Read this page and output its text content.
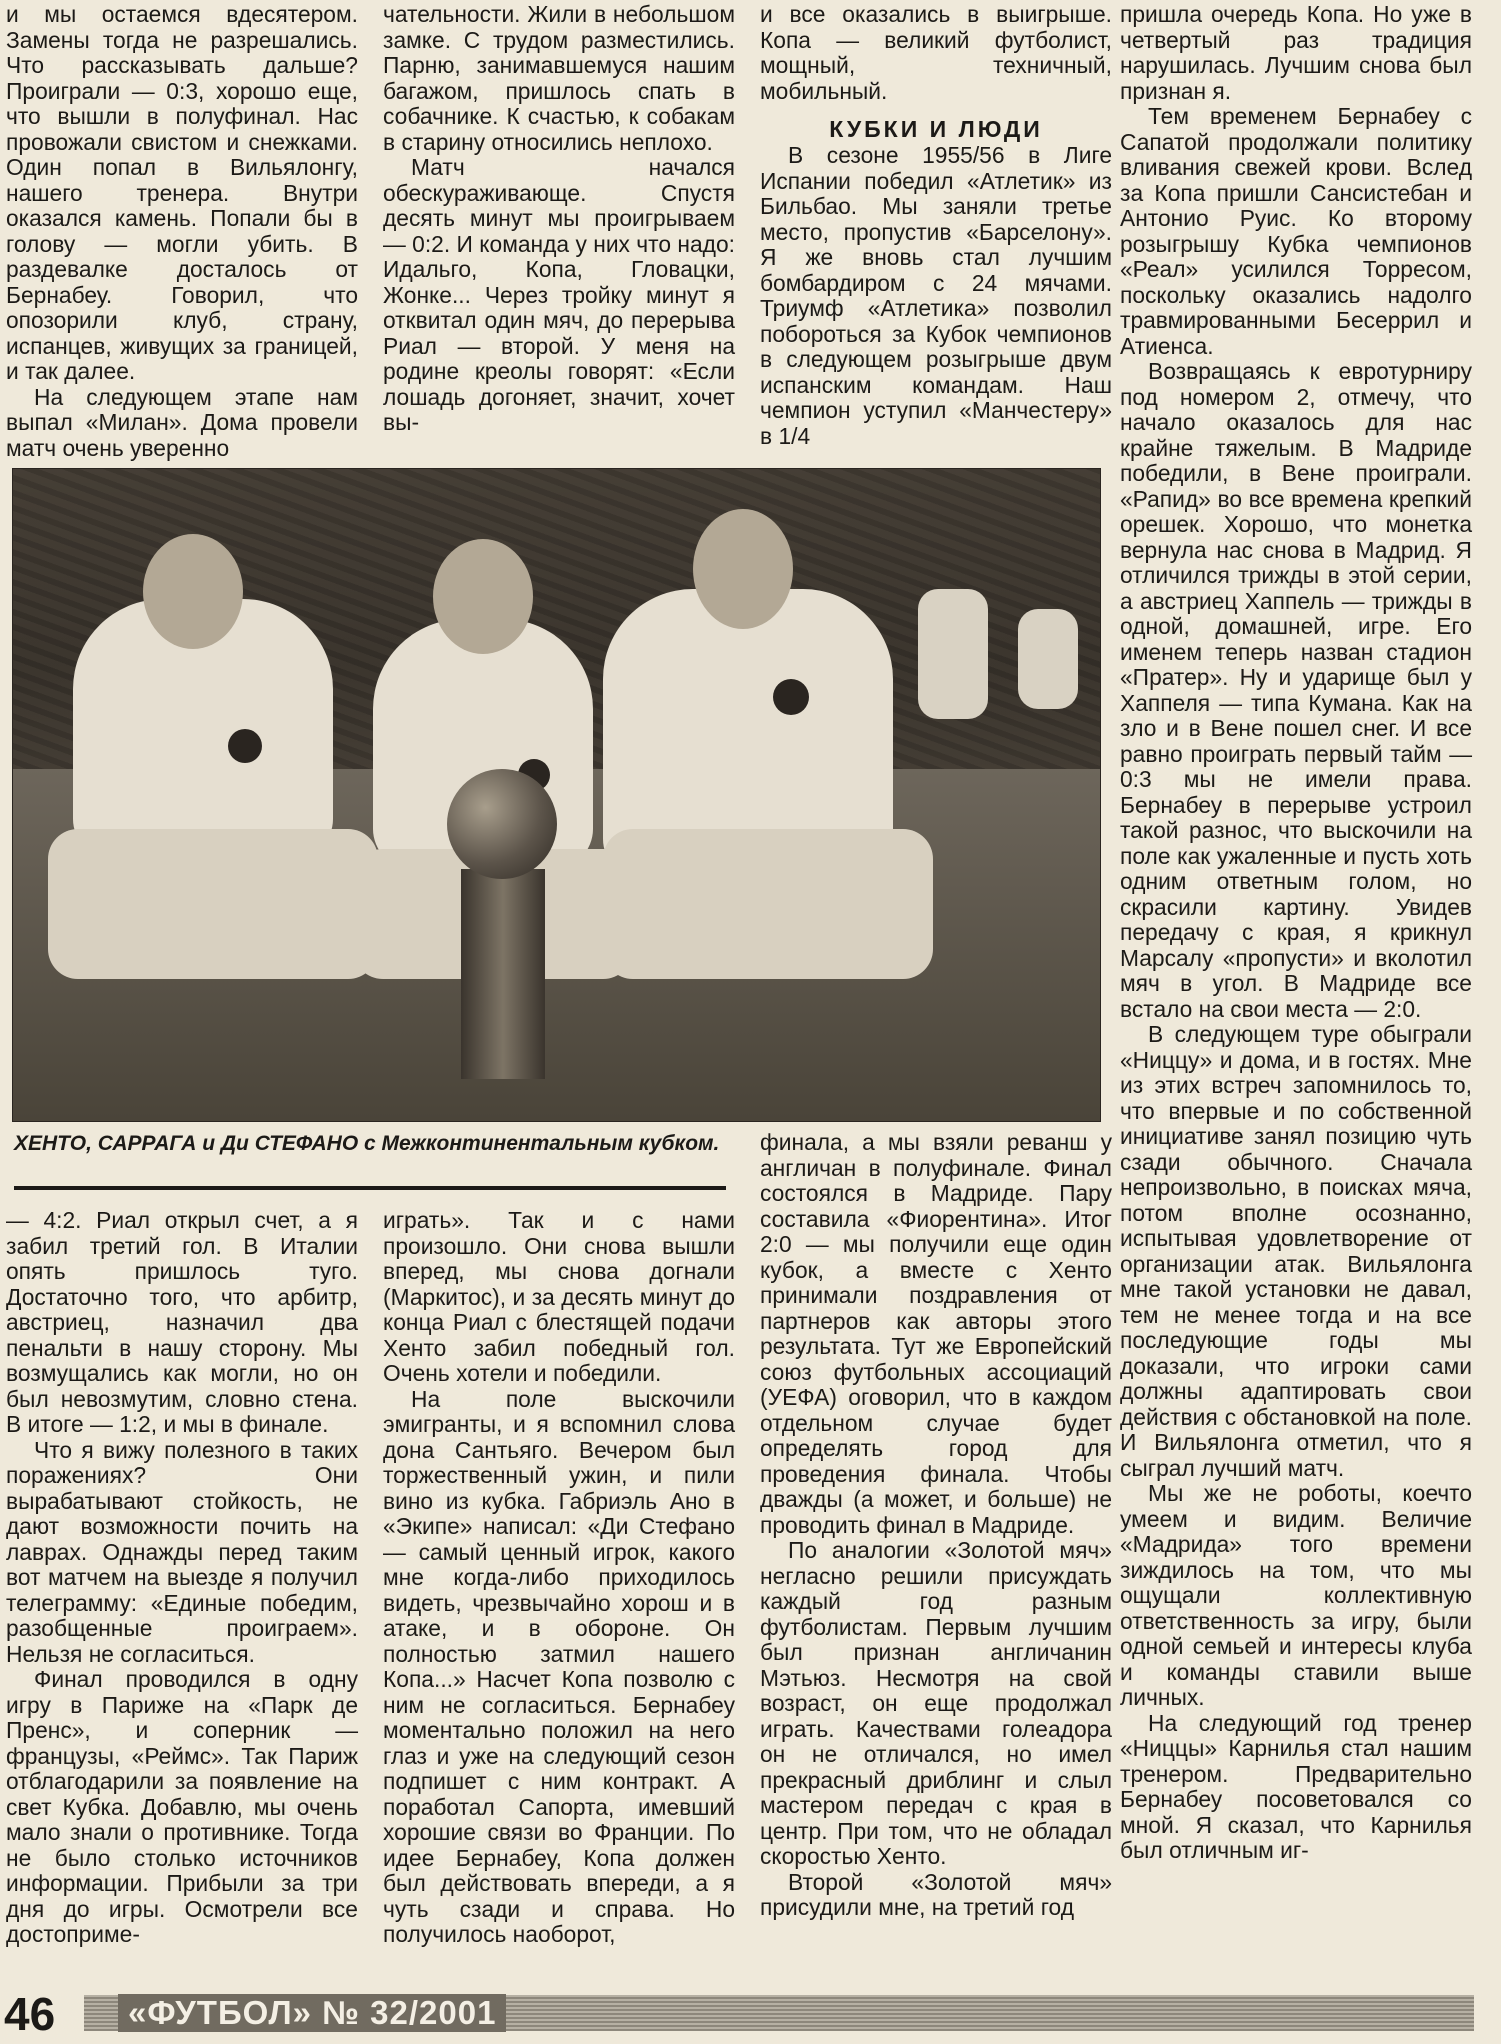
и мы остаемся вдесятером. Замены тогда не разрешались. Что рассказывать дальше? Проиграли — 0:3, хорошо еще, что вышли в полуфинал. Нас провожали свистом и снежками. Один попал в Вильялонгу, нашего тренера. Внутри оказался камень. Попали бы в голову — могли убить. В раздевалке досталось от Бернабеу. Говорил, что опозорили клуб, страну, испанцев, живущих за границей, и так далее.

На следующем этапе нам выпал «Милан». Дома провели матч очень уверенно

чательности. Жили в небольшом замке. С трудом разместились. Парню, занимавшемуся нашим багажом, пришлось спать в собачнике. К счастью, к собакам в старину относились неплохо.

Матч начался обескураживающе. Спустя десять минут мы проигрываем — 0:2. И команда у них что надо: Идальго, Копа, Гловацки, Жонке... Через тройку минут я отквитал один мяч, до перерыва Риал — второй. У меня на родине креолы говорят: «Если лошадь догоняет, значит, хочет вы-

и все оказались в выигрыше. Копа — великий футболист, мощный, техничный, мобильный.

КУБКИ И ЛЮДИ

В сезоне 1955/56 в Лиге Испании победил «Атлетик» из Бильбао. Мы заняли третье место, пропустив «Барселону». Я же вновь стал лучшим бомбардиром с 24 мячами. Триумф «Атлетика» позволил побороться за Кубок чемпионов в следующем розыгрыше двум испанским командам. Наш чемпион уступил «Манчестеру» в 1/4

пришла очередь Копа. Но уже в четвертый раз традиция нарушилась. Лучшим снова был признан я.

Тем временем Бернабеу с Сапатой продолжали политику вливания свежей крови. Вслед за Копа пришли Сансистебан и Антонио Руис. Ко второму розыгрышу Кубка чемпионов «Реал» усилился Торресом, поскольку оказались надолго травмированными Бесеррил и Атиенса.

Возвращаясь к евротурниру под номером 2, отмечу, что начало оказалось для нас крайне тяжелым. В Мадриде победили, в Вене проиграли. «Рапид» во все времена крепкий орешек. Хорошо, что монетка вернула нас снова в Мадрид. Я отличился трижды в этой серии, а австриец Хаппель — трижды в одной, домашней, игре. Его именем теперь назван стадион «Пратер». Ну и ударище был у Хаппеля — типа Кумана. Как на зло и в Вене пошел снег. И все равно проиграть первый тайм — 0:3 мы не имели права. Бернабеу в перерыве устроил такой разнос, что выскочили на поле как ужаленные и пусть хоть одним ответным голом, но скрасили картину. Увидев передачу с края, я крикнул Марсалу «пропусти» и вколотил мяч в угол. В Мадриде все встало на свои места — 2:0.

В следующем туре обыграли «Ниццу» и дома, и в гостях. Мне из этих встреч запомнилось то, что впервые и по собственной инициативе занял позицию чуть сзади обычного. Сначала непроизвольно, в поисках мяча, потом вполне осознанно, испытывая удовлетворение от организации атак. Вильялонга мне такой установки не давал, тем не менее тогда и на все последующие годы мы доказали, что игроки сами должны адаптировать свои действия с обстановкой на поле. И Вильялонга отметил, что я сыграл лучший матч.

Мы же не роботы, коечто умеем и видим. Величие «Мадрида» того времени зиждилось на том, что мы ощущали коллективную ответственность за игру, были одной семьей и интересы клуба и команды ставили выше личных.

На следующий год тренер «Ниццы» Карнилья стал нашим тренером. Предварительно Бернабеу посоветовался со мной. Я сказал, что Карнилья был отличным иг-

ХЕНТО, САРРАГА и Ди СТЕФАНО с Межконтинентальным кубком.

— 4:2. Риал открыл счет, а я забил третий гол. В Италии опять пришлось туго. Достаточно того, что арбитр, австриец, назначил два пенальти в нашу сторону. Мы возмущались как могли, но он был невозмутим, словно стена. В итоге — 1:2, и мы в финале.

Что я вижу полезного в таких поражениях? Они вырабатывают стойкость, не дают возможности почить на лаврах. Однажды перед таким вот матчем на выезде я получил телеграмму: «Единые победим, разобщенные проиграем». Нельзя не согласиться.

Финал проводился в одну игру в Париже на «Парк де Пренс», и соперник — французы, «Реймс». Так Париж отблагодарили за появление на свет Кубка. Добавлю, мы очень мало знали о противнике. Тогда не было столько источников информации. Прибыли за три дня до игры. Осмотрели все достоприме-

играть». Так и с нами произошло. Они снова вышли вперед, мы снова догнали (Маркитос), и за десять минут до конца Риал с блестящей подачи Хенто забил победный гол. Очень хотели и победили.

На поле выскочили эмигранты, и я вспомнил слова дона Сантьяго. Вечером был торжественный ужин, и пили вино из кубка. Габриэль Ано в «Экипе» написал: «Ди Стефано — самый ценный игрок, какого мне когда-либо приходилось видеть, чрезвычайно хорош и в атаке, и в обороне. Он полностью затмил нашего Копа...» Насчет Копа позволю с ним не согласиться. Бернабеу моментально положил на него глаз и уже на следующий сезон подпишет с ним контракт. А поработал Сапорта, имевший хорошие связи во Франции. По идее Бернабеу, Копа должен был действовать впереди, а я чуть сзади и справа. Но получилось наоборот,

финала, а мы взяли реванш у англичан в полуфинале. Финал состоялся в Мадриде. Пару составила «Фиорентина». Итог 2:0 — мы получили еще один кубок, а вместе с Хенто принимали поздравления от партнеров как авторы этого результата. Тут же Европейский союз футбольных ассоциаций (УЕФА) оговорил, что в каждом отдельном случае будет определять город для проведения финала. Чтобы дважды (а может, и больше) не проводить финал в Мадриде.

По аналогии «Золотой мяч» негласно решили присуждать каждый год разным футболистам. Первым лучшим был признан англичанин Мэтьюз. Несмотря на свой возраст, он еще продолжал играть. Качествами голеадора он не отличался, но имел прекрасный дриблинг и слыл мастером передач с края в центр. При том, что не обладал скоростью Хенто.

Второй «Золотой мяч» присудили мне, на третий год

46	«ФУТБОЛ» № 32/2001
